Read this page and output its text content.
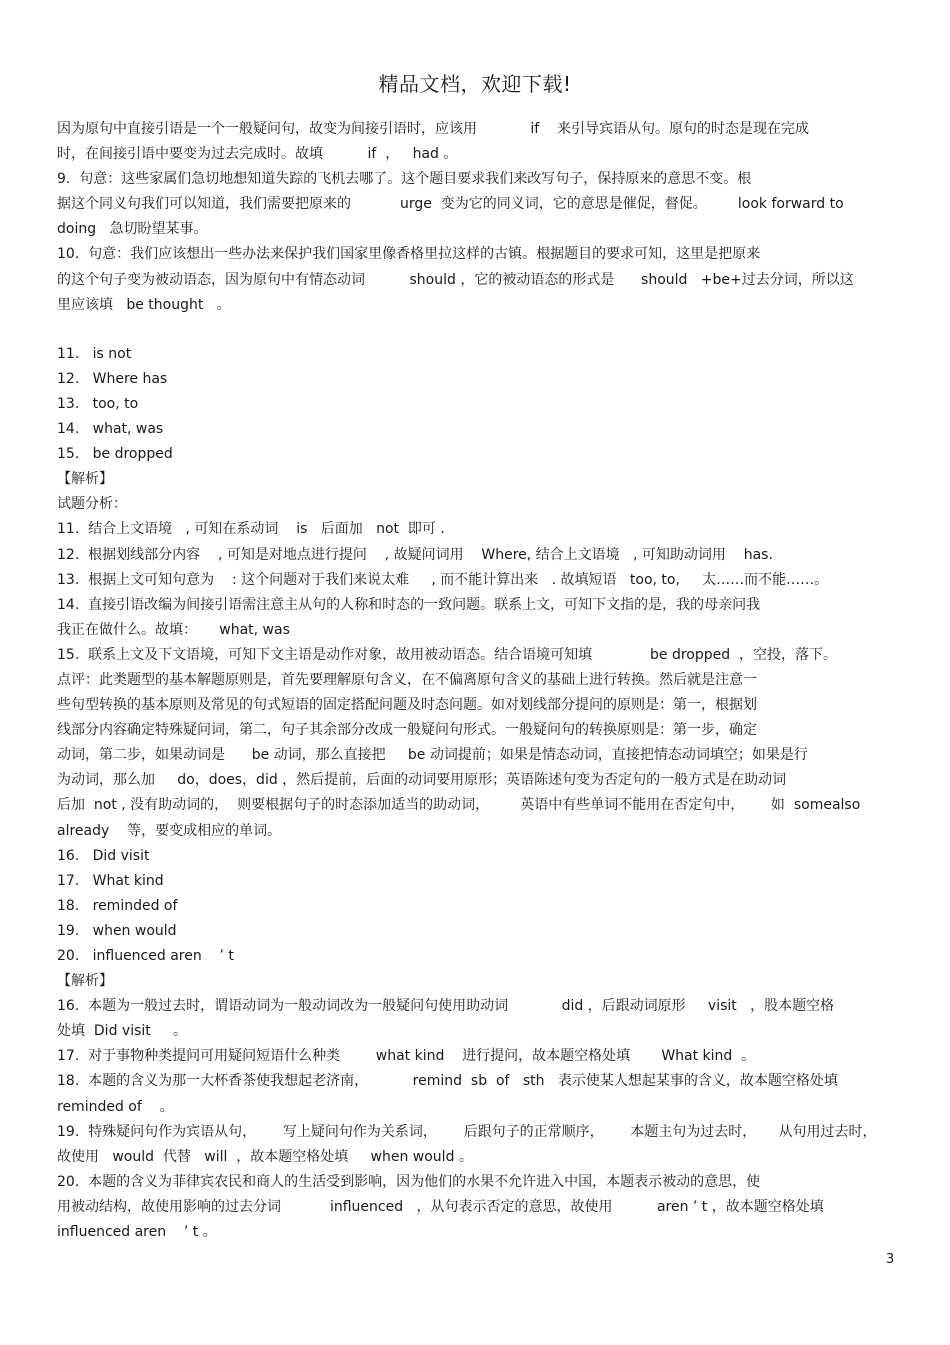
精品文档，欢迎下载!
因为原句中直接引语是一个一般疑问句，故变为间接引语时，应该用            if    来引导宾语从句。原句的时态是现在完成
时，在间接引语中要变为过去完成时。故填          if  ，   had 。
9.  句意：这些家属们急切地想知道失踪的飞机去哪了。这个题目要求我们来改写句子，保持原来的意思不变。根
据这个同义句我们可以知道，我们需要把原来的           urge  变为它的同义词，它的意思是催促，督促。       look forward to
doing   急切盼望某事。
10.  句意：我们应该想出一些办法来保护我们国家里像香格里拉这样的古镇。根据题目的要求可知，这里是把原来
的这个句子变为被动语态，因为原句中有情态动词          should ，它的被动语态的形式是      should   +be+过去分词，所以这
里应该填   be thought   。
11.   is not
12.   Where has
13.   too, to
14.   what, was
15.   be dropped
【解析】
试题分析：
11.  结合上文语境   , 可知在系动词    is   后面加   not  即可 .
12.  根据划线部分内容    , 可知是对地点进行提问    , 故疑问词用    Where, 结合上文语境   , 可知助动词用    has.
13.  根据上文可知句意为    : 这个问题对于我们来说太难     , 而不能计算出来   . 故填短语   too, to,     太……而不能……。
14.  直接引语改编为间接引语需注意主从句的人称和时态的一致问题。联系上文，可知下文指的是，我的母亲问我
我正在做什么。故填：     what, was
15.  联系上文及下文语境，可知下文主语是动作对象，故用被动语态。结合语境可知填             be dropped  ，空投，落下。
点评：此类题型的基本解题原则是，首先要理解原句含义，在不偏离原句含义的基础上进行转换。然后就是注意一
些句型转换的基本原则及常见的句式短语的固定搭配问题及时态问题。如对划线部分提问的原则是：第一，根据划
线部分内容确定特殊疑问词，第二，句子其余部分改成一般疑问句形式。一般疑问句的转换原则是：第一步，确定
动词，第二步，如果动词是      be 动词，那么直接把     be 动词提前；如果是情态动词，直接把情态动词填空；如果是行
为动词，那么加     do，does，did ，然后提前，后面的动词要用原形；英语陈述句变为否定句的一般方式是在助动词
后加  not , 没有助动词的，  则要根据句子的时态添加适当的助动词，       英语中有些单词不能用在否定句中，      如  somealso
already    等，要变成相应的单词。
16.   Did visit
17.   What kind
18.   reminded of
19.   when would
20.   influenced aren    ’ t
【解析】
16.  本题为一般过去时，谓语动词为一般动词改为一般疑问句使用助动词            did ，后跟动词原形     visit   ，股本题空格
处填  Did visit     。
17.  对于事物种类提问可用疑问短语什么种类        what kind    进行提问，故本题空格处填       What kind  。
18.  本题的含义为那一大杯香茶使我想起老济南，          remind  sb  of   sth   表示使某人想起某事的含义，故本题空格处填
reminded of    。
19.  特殊疑问句作为宾语从句，      写上疑问句作为关系词，      后跟句子的正常顺序，      本题主句为过去时，     从句用过去时，
故使用   would  代替   will  ，故本题空格处填     when would 。
20.  本题的含义为菲律宾农民和商人的生活受到影响，因为他们的水果不允许进入中国，本题表示被动的意思，使
用被动结构，故使用影响的过去分词           influenced   ，从句表示否定的意思，故使用          aren ’ t ，故本题空格处填
influenced aren    ’ t 。
3
